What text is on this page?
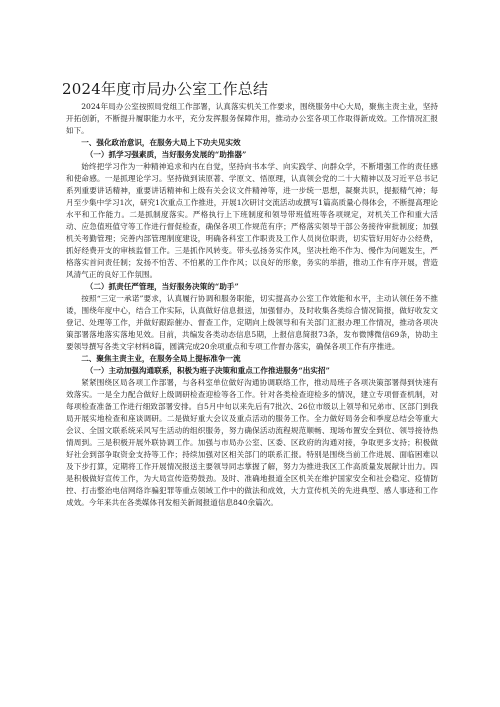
2024年度市局办公室工作总结

2024年局办公室按照局党组工作部署，认真落实机关工作要求，围绕服务中心大局，聚焦主责主业，坚持开拓创新，不断提升履职能力水平，充分发挥服务保障作用，推动办公室各项工作取得新成效。工作情况汇报如下。

一、强化政治意识，在服务大局上下功夫见实效

（一）抓学习强素质，当好服务发展的“助推器”

始终把学习作为一种精神追求和内在自觉，坚持向书本学、向实践学、向群众学，不断增强工作的责任感和使命感。一是抓理论学习。坚持做到读原著、学原文、悟原理，认真领会党的二十大精神以及习近平总书记系列重要讲话精神，重要讲话精神和上级有关会议文件精神等，进一步统一思想，凝聚共识，提振精气神；每月至少集中学习1次，研究1次重点工作推进，开展1次研讨交流活动或撰写1篇高质量心得体会，不断提高理论水平和工作能力。二是抓制度落实。严格执行上下班制度和领导带班值班等各项规定，对机关工作和重大活动、应急值班值守等工作进行督促检查，确保各项工作规范有序；严格落实领导干部公务接待审批制度；加强机关考勤管理；完善内部管理制度建设，明确各科室工作职责及工作人员岗位职责，切实管好用好办公经费，抓好经费开支的审核监督工作。三是抓作风转变。带头弘扬务实作风，坚决杜绝不作为、慢作为问题发生，严格落实首问责任制；发扬不怕苦、不怕累的工作作风；以良好的形象，务实的举措，推动工作有序开展，营造风清气正的良好工作氛围。

（二）抓责任严管理，当好服务决策的“助手”

按照“三定一承诺”要求，认真履行协调和服务职能，切实提高办公室工作效能和水平，主动认领任务不推诿，围绕年度中心，结合工作实际，认真做好信息报送，加强督办，及时收集各类综合情况简报，做好收发文登记、处理等工作，并做好跟踪催办、督查工作，定期向上级领导和有关部门汇报办理工作情况，推动各项决策部署落地落实落地见效。目前，共编发各类动态信息5期，上报信息简报73条，发布微博微信69条，协助主要领导撰写各类文字材料8篇，圆满完成20余项重点和专项工作督办落实，确保各项工作有序推进。

二、聚焦主责主业，在服务全局上提标准争一流

（一）主动加强沟通联系，积极为班子决策和重点工作推进服务“出实招”

紧紧围绕区局各项工作部署，与各科室单位做好沟通协调联络工作，推动局班子各项决策部署得到快速有效落实。一是全力配合做好上级调研检查迎检等各工作。针对各类检查迎检多的情况，建立专项督查机制，对每项检查准备工作进行细致部署安排。自5月中旬以来先后有7批次、26位市级以上领导和兄弟市、区部门到我局开展实地检查和座谈调研。二是做好重大会议及重点活动的服务工作。全力做好局务会和季度总结会等重大会议、全国文联系统采风写生活动的组织服务，努力确保活动流程规范顺畅、现场布置安全到位、领导接待热情周到。三是积极开展外联协调工作。加强与市局办公室、区委、区政府的沟通对接，争取更多支持；积极做好社会到部争取资金支持等工作；持续加强对区相关部门的联系汇报。特别是围绕当前工作进展、面临困难以及下步打算，定期将工作开展情况报送主要领导同志掌握了解，努力为推进我区工作高质量发展献计出力。四是积极做好宣传工作，为大局宣传造势鼓劲。及时、准确地报道全区机关在维护国家安全和社会稳定、疫情防控、打击整治电信网络诈骗犯罪等重点领域工作中的做法和成效，大力宣传机关的先进典型、感人事迹和工作成效。今年来共在各类媒体刊发相关新闻报道信息840余篇次。
